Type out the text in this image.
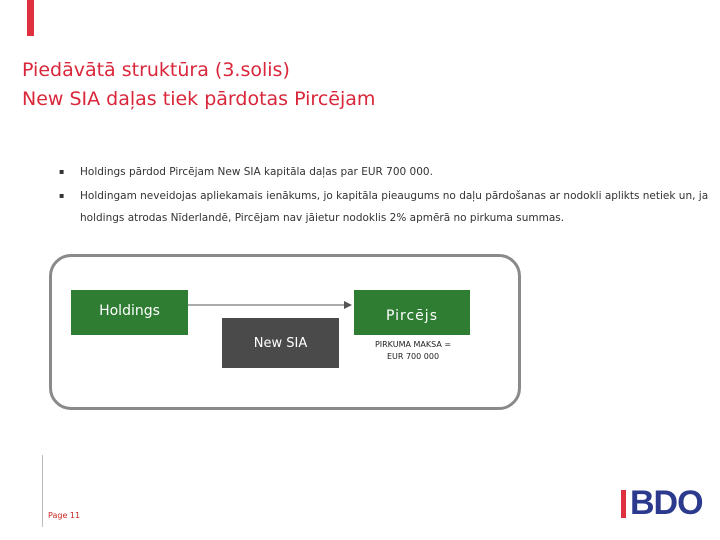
Piedāvātā struktūra (3.solis)
New SIA daļas tiek pārdotas Pircējam
▪ Holdings pārdod Pircējam New SIA kapitāla daļas par EUR 700 000.
▪ Holdingam neveidojas apliekamais ienākums, jo kapitāla pieaugums no daļu pārdošanas ar nodokli aplikts netiek un, ja holdings atrodas Nīderlandē, Pircējam nav jāietur nodoklis 2% apmērā no pirkuma summas.
Holdings	Pircējs
New SIA	PIRKUMA MAKSA =
EUR 700 000
Page 11	BDO
